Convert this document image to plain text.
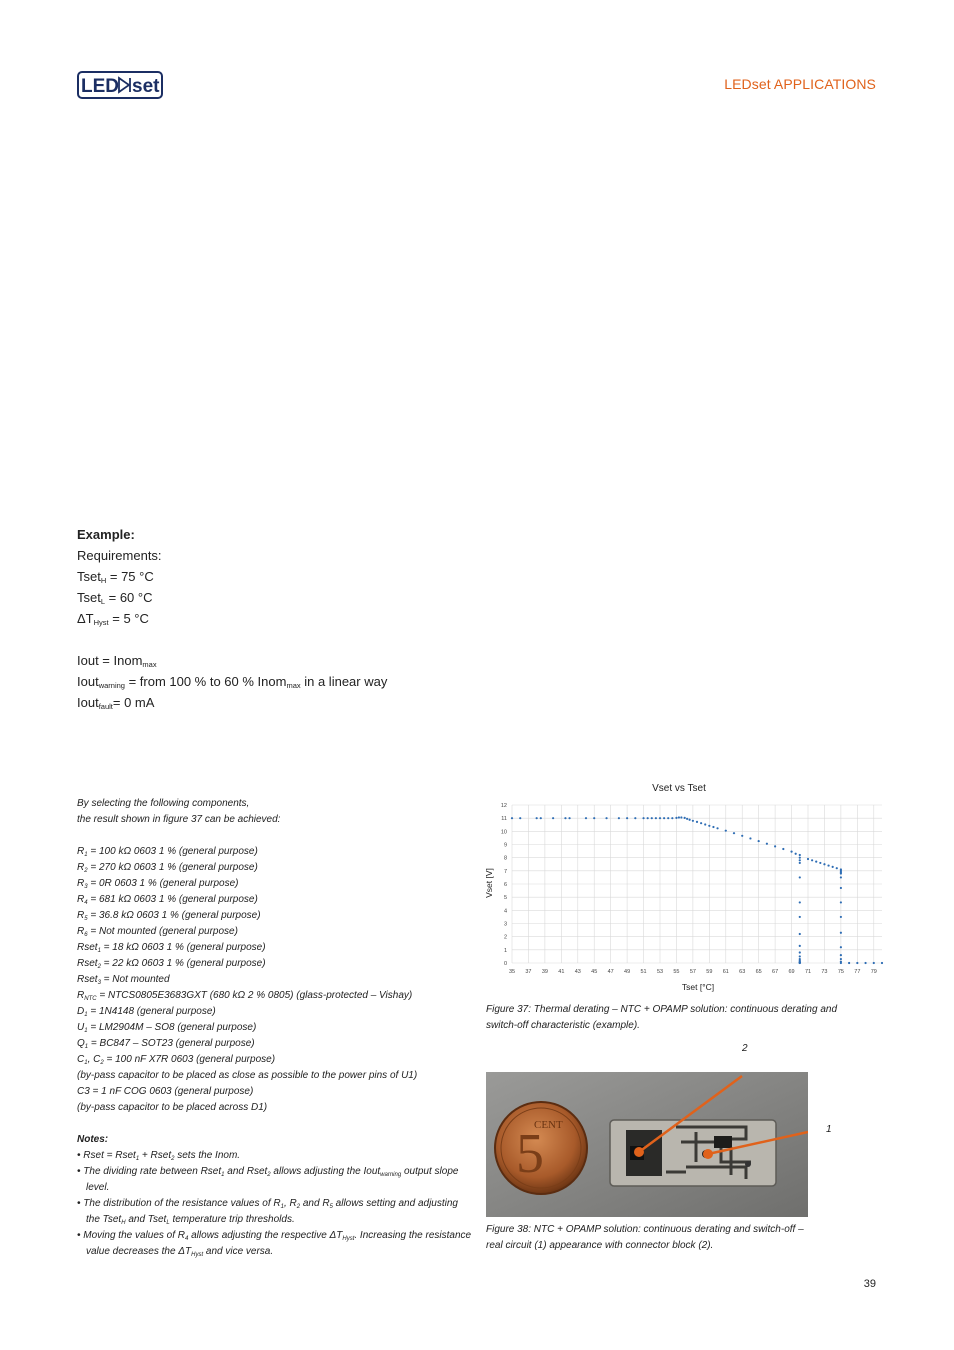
LED set	LEDset APPLICATIONS
Example:
Requirements:
Tset$_H$ = 75 °C
Tset$_L$ = 60 °C
$\Delta T_{Hyst} = 5$ °C
Iout = Inom$_{max}$
Iout$_{warning}$ = from 100 % to 60 % Inom$_{max}$ in a linear way
Iout$_{fault}$= 0 mA
By selecting the following components,
the result shown in figure 37 can be achieved:
$R_1 = 100$ kΩ 0603 1 % (general purpose)
$R_2 = 270$ kΩ 0603 1 % (general purpose)
$R_3 = 0R$ 0603 1 % (general purpose)
$R_4 = 681$ kΩ 0603 1 % (general purpose)
$R_5 = 36.8$ kΩ 0603 1 % (general purpose)
$R_6$ = Not mounted (general purpose)
Rset$_1$ = 18 kΩ 0603 1 % (general purpose)
Rset$_2$ = 22 kΩ 0603 1 % (general purpose)
Rset$_3$ = Not mounted
$R_{NTC}$ = NTCS0805E3683GXT (680 kΩ 2 % 0805) (glass-protected – Vishay)
$D_1 = 1N4148$ (general purpose)
$U_1 = LM2904M - SO8$ (general purpose)
$Q_1 = BC847 - SOT23$ (general purpose)
$C_1$, $C_2 = 100$ nF X7R 0603 (general purpose)
(by-pass capacitor to be placed as close as possible to the power pins of U1)
C3 = 1 nF COG 0603 (general purpose)
(by-pass capacitor to be placed across D1)
Notes:
• Rset = Rset$_1$ + Rset$_2$ sets the Inom.
• The dividing rate between Rset$_1$ and Rset$_2$ allows adjusting the Iout$_{warning}$ output slope level.
• The distribution of the resistance values of $R_1$, $R_2$ and $R_5$ allows setting and adjusting the Tset$_H$ and Tset$_L$ temperature trip thresholds.
• Moving the values of $R_4$ allows adjusting the respective $\Delta T_{Hyst}$. Increasing the resistance value decreases the $\Delta T_{Hyst}$ and vice versa.
Vset vs Tset
0
1
2
3
4
5
6
7
8
9
10
11
12
35 37 39 41 43 45 47 49 51 53 55 57 59 61 63 65 67 69 71 73 75 77 79
Vset [V]
Tset [°C]
Figure 37: Thermal derating – NTC + OPAMP solution: continuous derating and
switch-off characteristic (example).
5
CENT
2
1
Figure 38: NTC + OPAMP solution: continuous derating and switch-off –
real circuit (1) appearance with connector block (2).
39
